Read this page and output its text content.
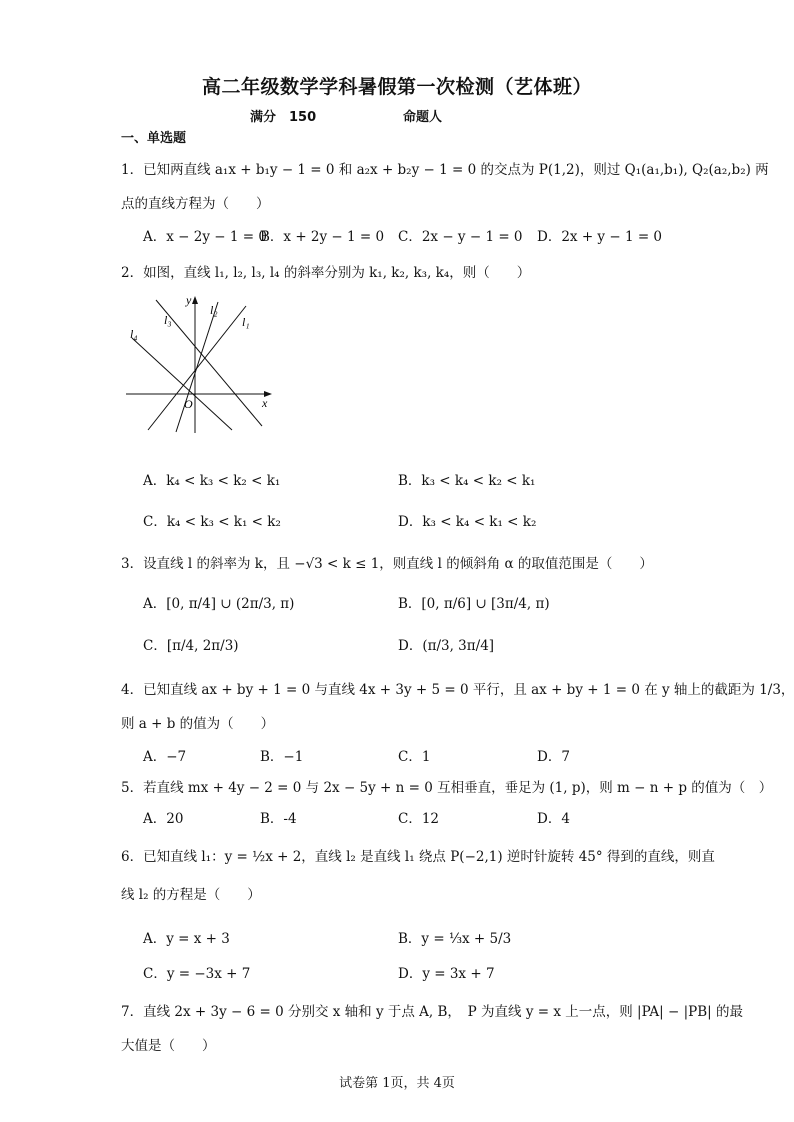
高二年级数学学科暑假第一次检测（艺体班）
满分　150	命题人
一、单选题
1．已知两直线 a₁x + b₁y − 1 = 0 和 a₂x + b₂y − 1 = 0 的交点为 P(1,2)，则过 Q₁(a₁,b₁), Q₂(a₂,b₂) 两
点的直线方程为（　　）
A．x − 2y − 1 = 0
B．x + 2y − 1 = 0 C．2x − y − 1 = 0 D．2x + y − 1 = 0
2．如图，直线 l₁, l₂, l₃, l₄ 的斜率分别为 k₁, k₂, k₃, k₄，则（　　）
y
x
O
l₁
l₂
l₃
l₄
A．k₄ < k₃ < k₂ < k₁	B．k₃ < k₄ < k₂ < k₁
C．k₄ < k₃ < k₁ < k₂	D．k₃ < k₄ < k₁ < k₂
3．设直线 l 的斜率为 k，且 −√3 < k ≤ 1，则直线 l 的倾斜角 α 的取值范围是（　　）
A．[0, π/4] ∪ (2π/3, π)	B．[0, π/6] ∪ [3π/4, π)
C．[π/4, 2π/3)	D．(π/3, 3π/4]
4．已知直线 ax + by + 1 = 0 与直线 4x + 3y + 5 = 0 平行，且 ax + by + 1 = 0 在 y 轴上的截距为 1/3，
则 a + b 的值为（　　）
A．−7	B．−1	C．1	D．7
5．若直线 mx + 4y − 2 = 0 与 2x − 5y + n = 0 互相垂直，垂足为 (1, p)，则 m − n + p 的值为（　）
A．20	B．-4	C．12	D．4
6．已知直线 l₁：y = ½x + 2，直线 l₂ 是直线 l₁ 绕点 P(−2,1) 逆时针旋转 45° 得到的直线，则直
线 l₂ 的方程是（　　）
A．y = x + 3	B．y = ⅓x + 5/3
C．y = −3x + 7	D．y = 3x + 7
7．直线 2x + 3y − 6 = 0 分别交 x 轴和 y 于点 A, B，　P 为直线 y = x 上一点，则 |PA| − |PB| 的最
大值是（　　）
试卷第 1页，共 4页
